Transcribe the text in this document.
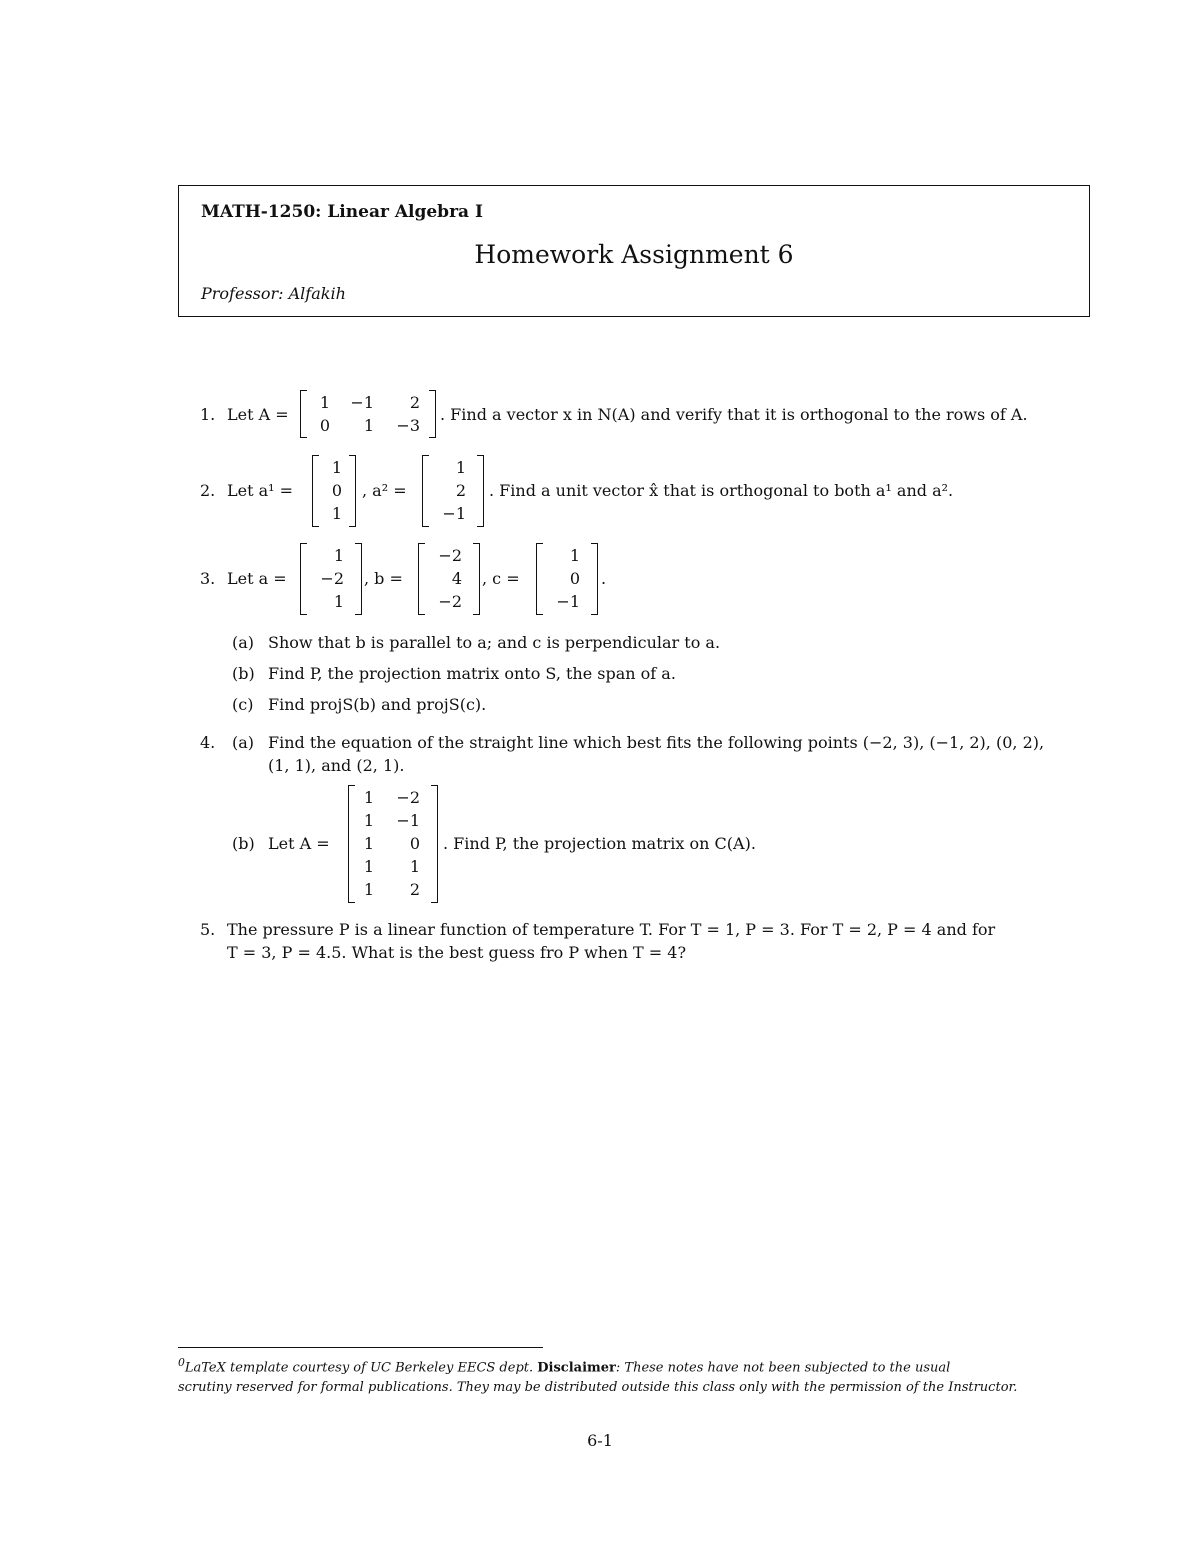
MATH-1250: Linear Algebra I
Homework Assignment 6
Professor: Alfakih
1. Let A =
1	−1	2
0	1	−3
. Find a vector x in N(A) and verify that it is orthogonal to the rows of A.
2. Let a¹ =
1
0
1
, a² =
1
2
−1
. Find a unit vector x̂ that is orthogonal to both a¹ and a².
3. Let a =
1
−2
1
, b =
−2
4
−2
, c =
1
0
−1
.
(a) Show that b is parallel to a; and c is perpendicular to a.
(b) Find P, the projection matrix onto S, the span of a.
(c) Find projS(b) and projS(c).
4. (a) Find the equation of the straight line which best fits the following points (−2, 3), (−1, 2), (0, 2),
(1, 1), and (2, 1).
(b) Let A =
1	−2
1	−1
1	0
1	1
1	2
. Find P, the projection matrix on C(A).
5. The pressure P is a linear function of temperature T. For T = 1, P = 3. For T = 2, P = 4 and for
T = 3, P = 4.5. What is the best guess fro P when T = 4?
$^0$LaTeX template courtesy of UC Berkeley EECS dept. Disclaimer: These notes have not been subjected to the usual
scrutiny reserved for formal publications. They may be distributed outside this class only with the permission of the Instructor.
6-1
